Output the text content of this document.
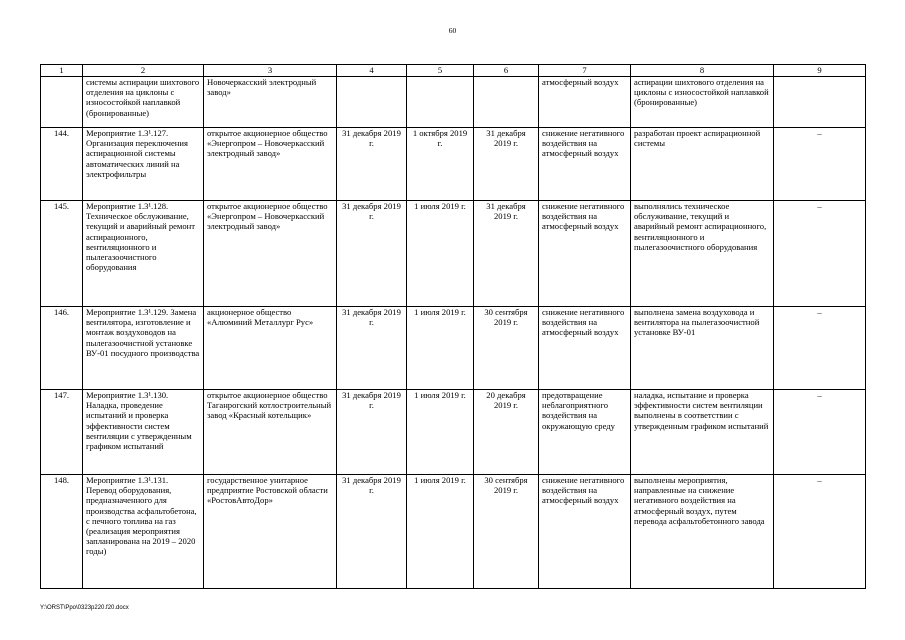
60
1	2	3	4	5	6	7	8	9
	системы аспирации шихтового отделения на циклоны с износостойкой наплавкой (бронированные)	Новочеркасский электродный завод»				атмосферный воздух	аспирации шихтового отделения на циклоны с износостойкой наплавкой (бронированные)	
144.	Мероприятие 1.3¹.127. Организация переключения аспирационной системы автоматических линий на электрофильтры	открытое акционерное общество «Энергопром – Новочеркасский электродный завод»	31 декабря 2019 г.	1 октября 2019 г.	31 декабря 2019 г.	снижение негативного воздействия на атмосферный воздух	разработан проект аспирационной системы	–
145.	Мероприятие 1.3¹.128. Техническое обслуживание, текущий и аварийный ремонт аспирационного, вентиляционного и пылегазоочистного оборудования	открытое акционерное общество «Энергопром – Новочеркасский электродный завод»	31 декабря 2019 г.	1 июля 2019 г.	31 декабря 2019 г.	снижение негативного воздействия на атмосферный воздух	выполнялись техническое обслуживание, текущий и аварийный ремонт аспирационного, вентиляционного и пылегазоочистного оборудования	–
146.	Мероприятие 1.3¹.129. Замена вентилятора, изготовление и монтаж воздуховодов на пылегазоочистной установке ВУ-01 посудного производства	акционерное общество «Алюминий Металлург Рус»	31 декабря 2019 г.	1 июля 2019 г.	30 сентября 2019 г.	снижение негативного воздействия на атмосферный воздух	выполнена замена воздуховода и вентилятора на пылегазоочистной установке ВУ-01	–
147.	Мероприятие 1.3¹.130. Наладка, проведение испытаний и проверка эффективности систем вентиляции с утвержденным графиком испытаний	открытое акционерное общество Таганрогский котлостроительный завод «Красный котельщик»	31 декабря 2019 г.	1 июля 2019 г.	20 декабря 2019 г.	предотвращение неблагоприятного воздействия на окружающую среду	наладка, испытание и проверка эффективности систем вентиляции выполнены в соответствии с утвержденным графиком испытаний	–
148.	Мероприятие 1.3¹.131. Перевод оборудования, предназначенного для производства асфальтобетона, с печного топлива на газ (реализация мероприятия запланирована на 2019 – 2020 годы)	государственное унитарное предприятие Ростовской области «РостовАвтоДор»	31 декабря 2019 г.	1 июля 2019 г.	30 сентября 2019 г.	снижение негативного воздействия на атмосферный воздух	выполнены мероприятия, направленные на снижение негативного воздействия на атмосферный воздух, путем перевода асфальтобетонного завода	–
Y:\ORST\Ppo\0323p220.f20.docx
